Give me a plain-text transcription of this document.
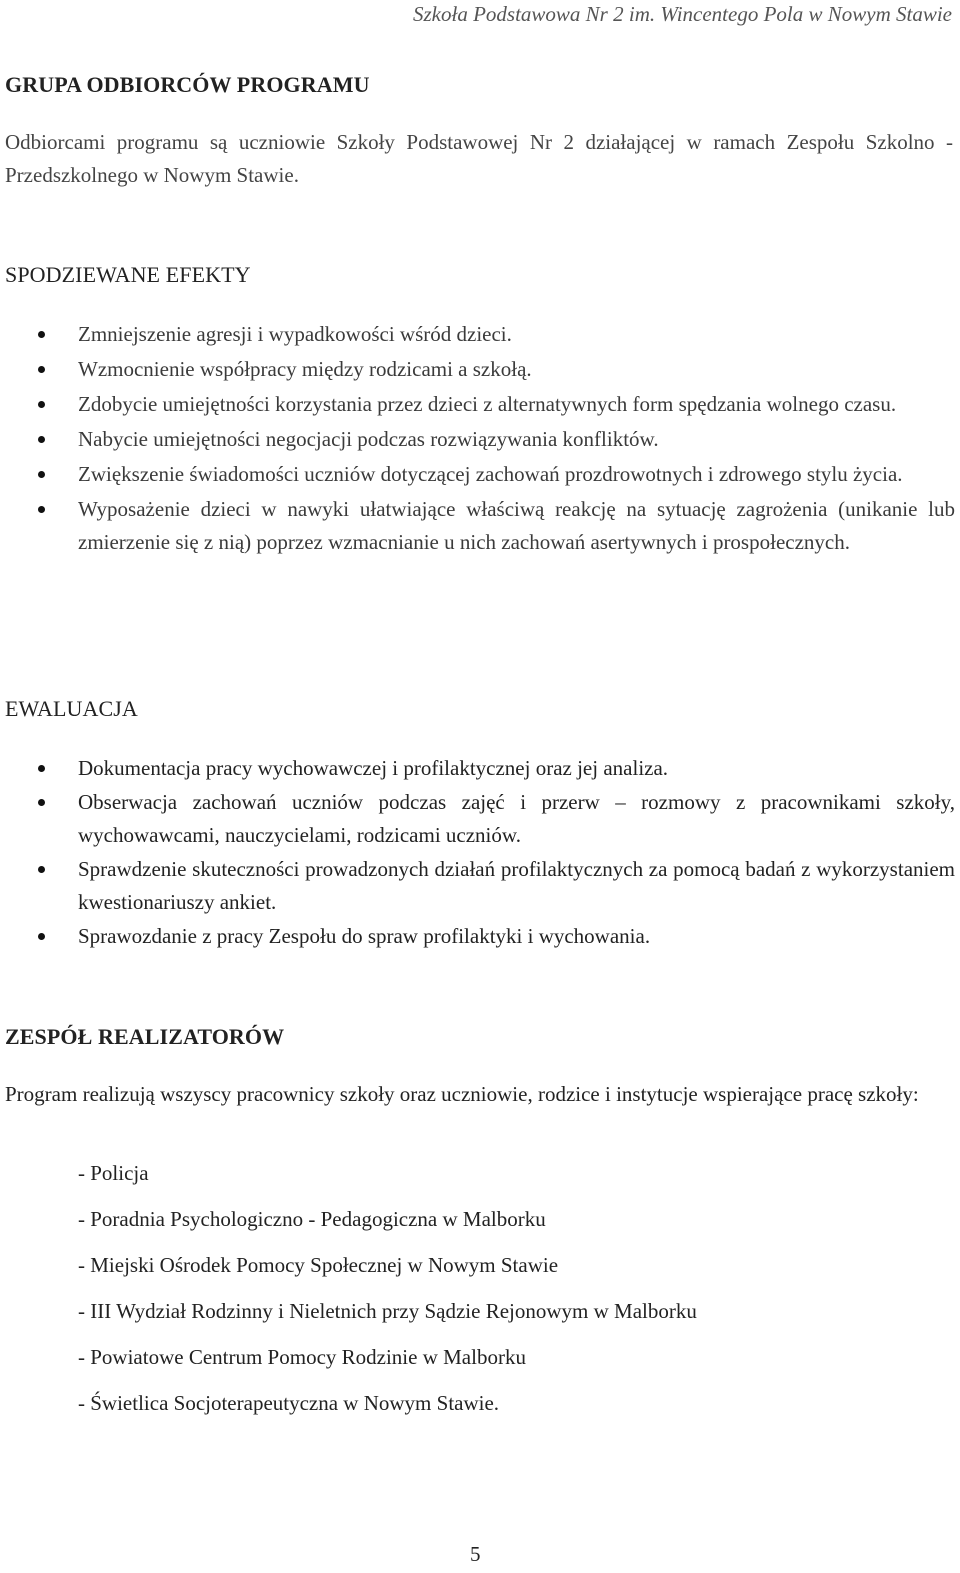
Szkoła Podstawowa Nr 2 im. Wincentego Pola w Nowym Stawie
GRUPA ODBIORCÓW PROGRAMU

Odbiorcami programu są uczniowie Szkoły Podstawowej Nr 2 działającej w ramach Zespołu Szkolno - Przedszkolnego w Nowym Stawie.

SPODZIEWANE EFEKTY
Zmniejszenie agresji i wypadkowości wśród dzieci.
Wzmocnienie współpracy między rodzicami a szkołą.
Zdobycie umiejętności korzystania przez dzieci z alternatywnych form spędzania wolnego czasu.
Nabycie umiejętności negocjacji podczas rozwiązywania konfliktów.
Zwiększenie świadomości uczniów dotyczącej zachowań prozdrowotnych i zdrowego stylu życia.
Wyposażenie dzieci w nawyki ułatwiające właściwą reakcję na sytuację zagrożenia (unikanie lub zmierzenie się z nią) poprzez wzmacnianie u nich zachowań asertywnych i prospołecznych.
EWALUACJA
Dokumentacja pracy wychowawczej i profilaktycznej oraz jej analiza.
Obserwacja zachowań uczniów podczas zajęć i przerw – rozmowy z pracownikami szkoły, wychowawcami, nauczycielami, rodzicami uczniów.
Sprawdzenie skuteczności prowadzonych działań profilaktycznych za pomocą badań z wykorzystaniem kwestionariuszy ankiet.
Sprawozdanie z pracy Zespołu do spraw profilaktyki i wychowania.
ZESPÓŁ REALIZATORÓW

Program realizują wszyscy pracownicy szkoły oraz uczniowie, rodzice i instytucje wspierające pracę szkoły:

- Policja
- Poradnia Psychologiczno - Pedagogiczna w Malborku
- Miejski Ośrodek Pomocy Społecznej w Nowym Stawie
- III Wydział Rodzinny i Nieletnich przy Sądzie Rejonowym w Malborku
- Powiatowe Centrum Pomocy Rodzinie w Malborku
- Świetlica Socjoterapeutyczna w Nowym Stawie.
5
